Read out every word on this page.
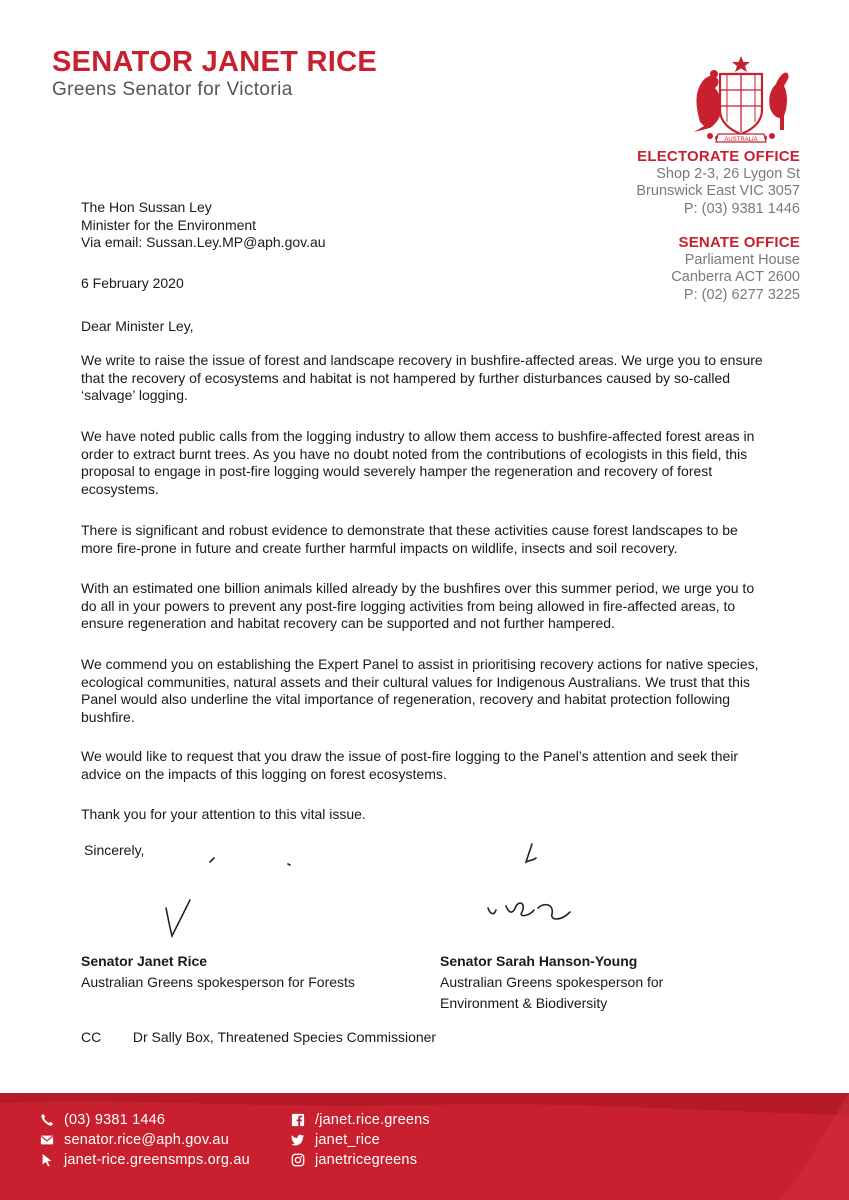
SENATOR JANET RICE
Greens Senator for Victoria
AUSTRALIA
ELECTORATE OFFICE
Shop 2-3, 26 Lygon St
Brunswick East VIC 3057
P: (03) 9381 1446
SENATE OFFICE
Parliament House
Canberra ACT 2600
P: (02) 6277 3225
The Hon Sussan Ley
Minister for the Environment
Via email: Sussan.Ley.MP@aph.gov.au
6 February 2020
Dear Minister Ley,

We write to raise the issue of forest and landscape recovery in bushfire-affected areas. We urge you to ensure that the recovery of ecosystems and habitat is not hampered by further disturbances caused by so-called ‘salvage’ logging.

We have noted public calls from the logging industry to allow them access to bushfire-affected forest areas in order to extract burnt trees. As you have no doubt noted from the contributions of ecologists in this field, this proposal to engage in post-fire logging would severely hamper the regeneration and recovery of forest ecosystems.

There is significant and robust evidence to demonstrate that these activities cause forest landscapes to be more fire-prone in future and create further harmful impacts on wildlife, insects and soil recovery.

With an estimated one billion animals killed already by the bushfires over this summer period, we urge you to do all in your powers to prevent any post-fire logging activities from being allowed in fire-affected areas, to ensure regeneration and habitat recovery can be supported and not further hampered.

We commend you on establishing the Expert Panel to assist in prioritising recovery actions for native species, ecological communities, natural assets and their cultural values for Indigenous Australians. We trust that this Panel would also underline the vital importance of regeneration, recovery and habitat protection following bushfire.

We would like to request that you draw the issue of post-fire logging to the Panel’s attention and seek their advice on the impacts of this logging on forest ecosystems.

Thank you for your attention to this vital issue.

Sincerely,
Senator Janet Rice
Australian Greens spokesperson for Forests
Senator Sarah Hanson-Young
Australian Greens spokesperson for
Environment & Biodiversity
CC Dr Sally Box, Threatened Species Commissioner
(03) 9381 1446
senator.rice@aph.gov.au
janet-rice.greensmps.org.au
/janet.rice.greens
janet_rice
janetricegreens
